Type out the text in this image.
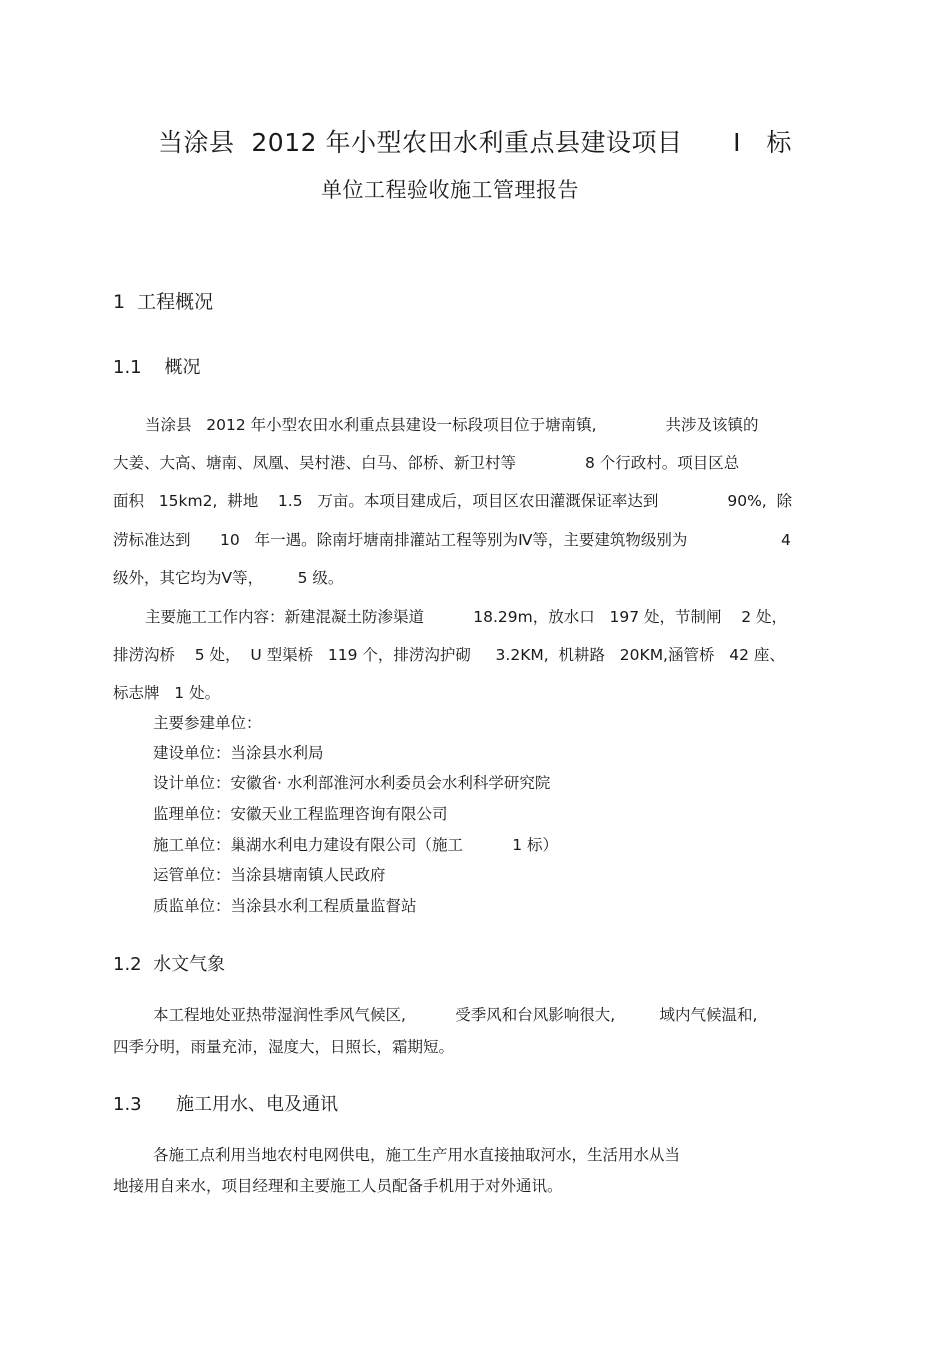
当涂县  2012 年小型农田水利重点县建设项目      Ⅰ   标
单位工程验收施工管理报告
1  工程概况
1.1    概况
当涂县   2012 年小型农田水利重点县建设一标段项目位于塘南镇,              共涉及该镇的
大姜、大高、塘南、凤凰、吴村港、白马、郃桥、新卫村等              8 个行政村。项目区总
面积   15km2,  耕地    1.5   万亩。本项目建成后，项目区农田灌溉保证率达到              90%,  除
涝标准达到      10   年一遇。除南圩塘南排灌站工程等别为Ⅳ等，主要建筑物级别为                   4
级外，其它均为Ⅴ等，       5 级。
主要施工工作内容：新建混凝土防渗渠道          18.29m，放水口   197 处，节制闸    2 处，
排涝沟桥    5 处，  U 型渠桥   119 个，排涝沟护砌     3.2KM,  机耕路   20KM,涵管桥   42 座、
标志牌   1 处。
主要参建单位：
建设单位：当涂县水利局
设计单位：安徽省· 水利部淮河水利委员会水利科学研究院
监理单位：安徽天业工程监理咨询有限公司
施工单位：巢湖水利电力建设有限公司（施工          1 标）
运管单位：当涂县塘南镇人民政府
质监单位：当涂县水利工程质量监督站
1.2  水文气象
本工程地处亚热带湿润性季风气候区,          受季风和台风影响很大,         域内气候温和,
四季分明，雨量充沛，湿度大，日照长，霜期短。
1.3      施工用水、电及通讯
各施工点利用当地农村电网供电，施工生产用水直接抽取河水，生活用水从当
地接用自来水，项目经理和主要施工人员配备手机用于对外通讯。
